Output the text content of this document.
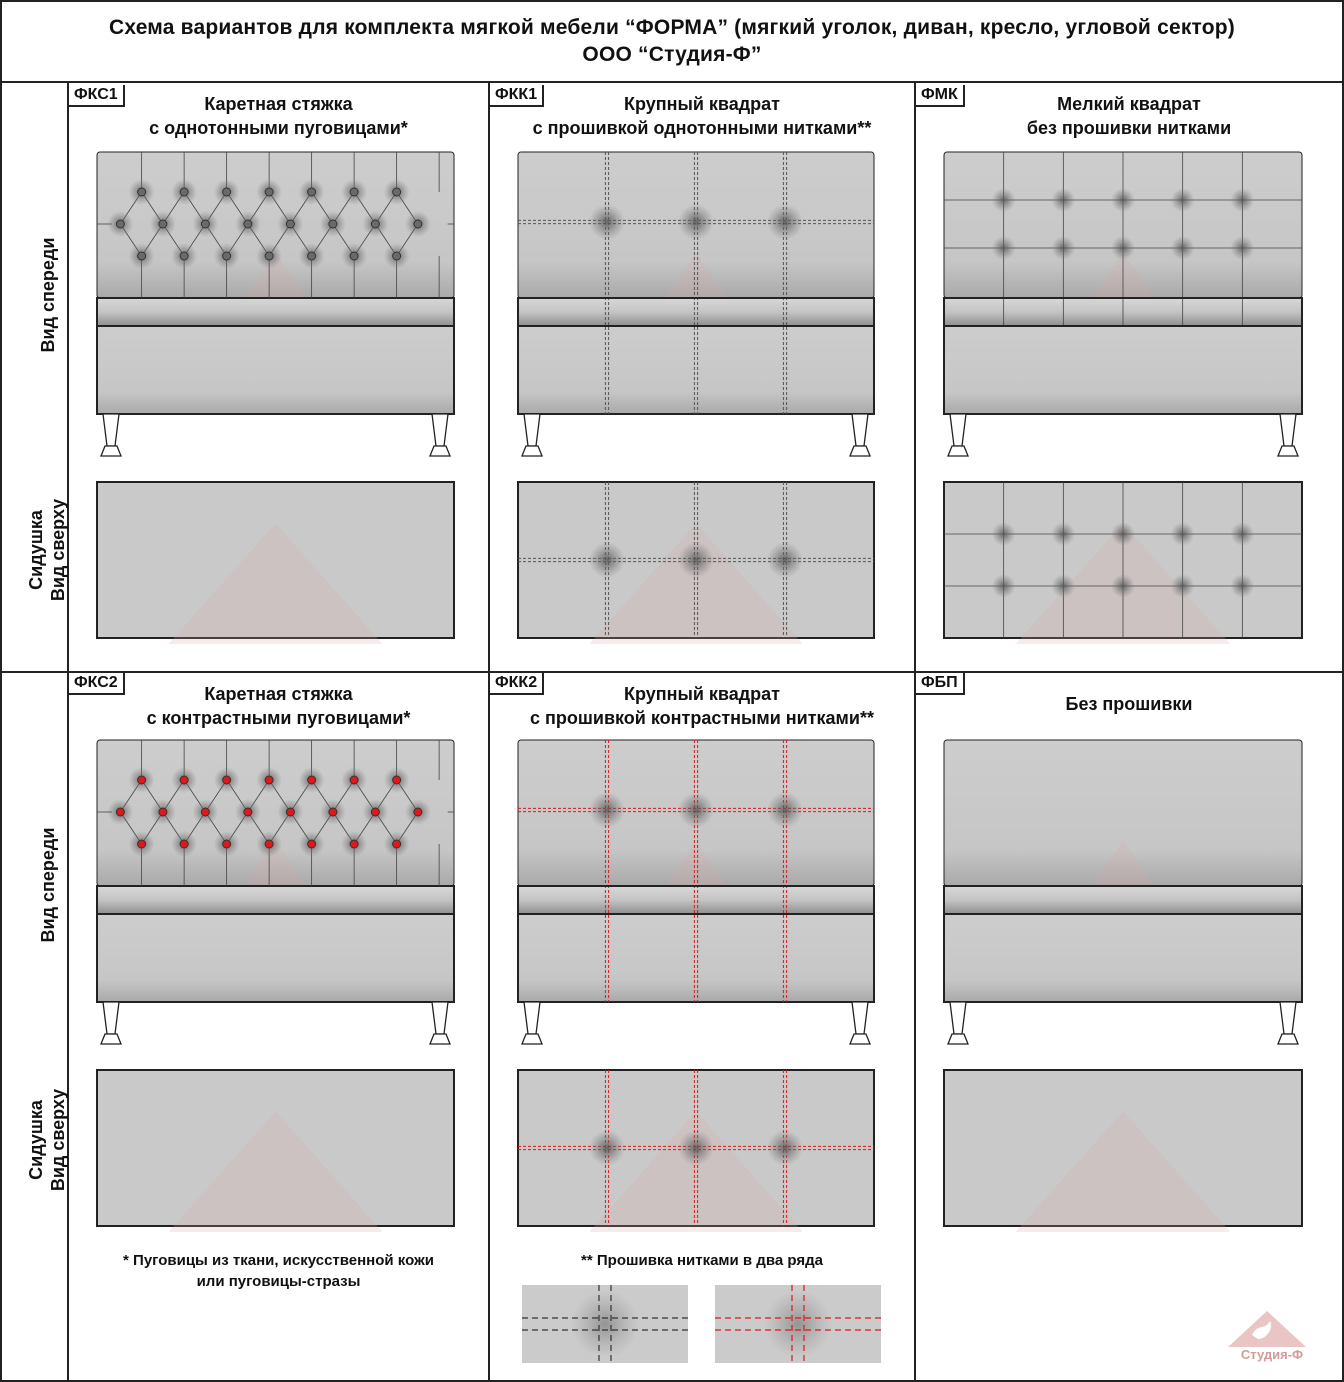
Схема вариантов для комплекта мягкой мебели “ФОРМА” (мягкий уголок, диван, кресло, угловой сектор)
ООО “Студия-Ф”
Вид спереди
Сидушка Вид сверху
Вид спереди
Сидушка Вид сверху
ФКС1	Каретная стяжка
с однотонными пуговицами*
ФКК1	Крупный квадрат
с прошивкой однотонными нитками**
ФМК	Мелкий квадрат
без прошивки нитками
ФКС2
Каретная стяжка
с контрастными пуговицами*
ФКК2
Крупный квадрат
с прошивкой контрастными нитками**
ФБП
Без прошивки
* Пуговицы из ткани, искусственной кожи
или пуговицы-стразы
** Прошивка нитками в два ряда
Студия-Ф
